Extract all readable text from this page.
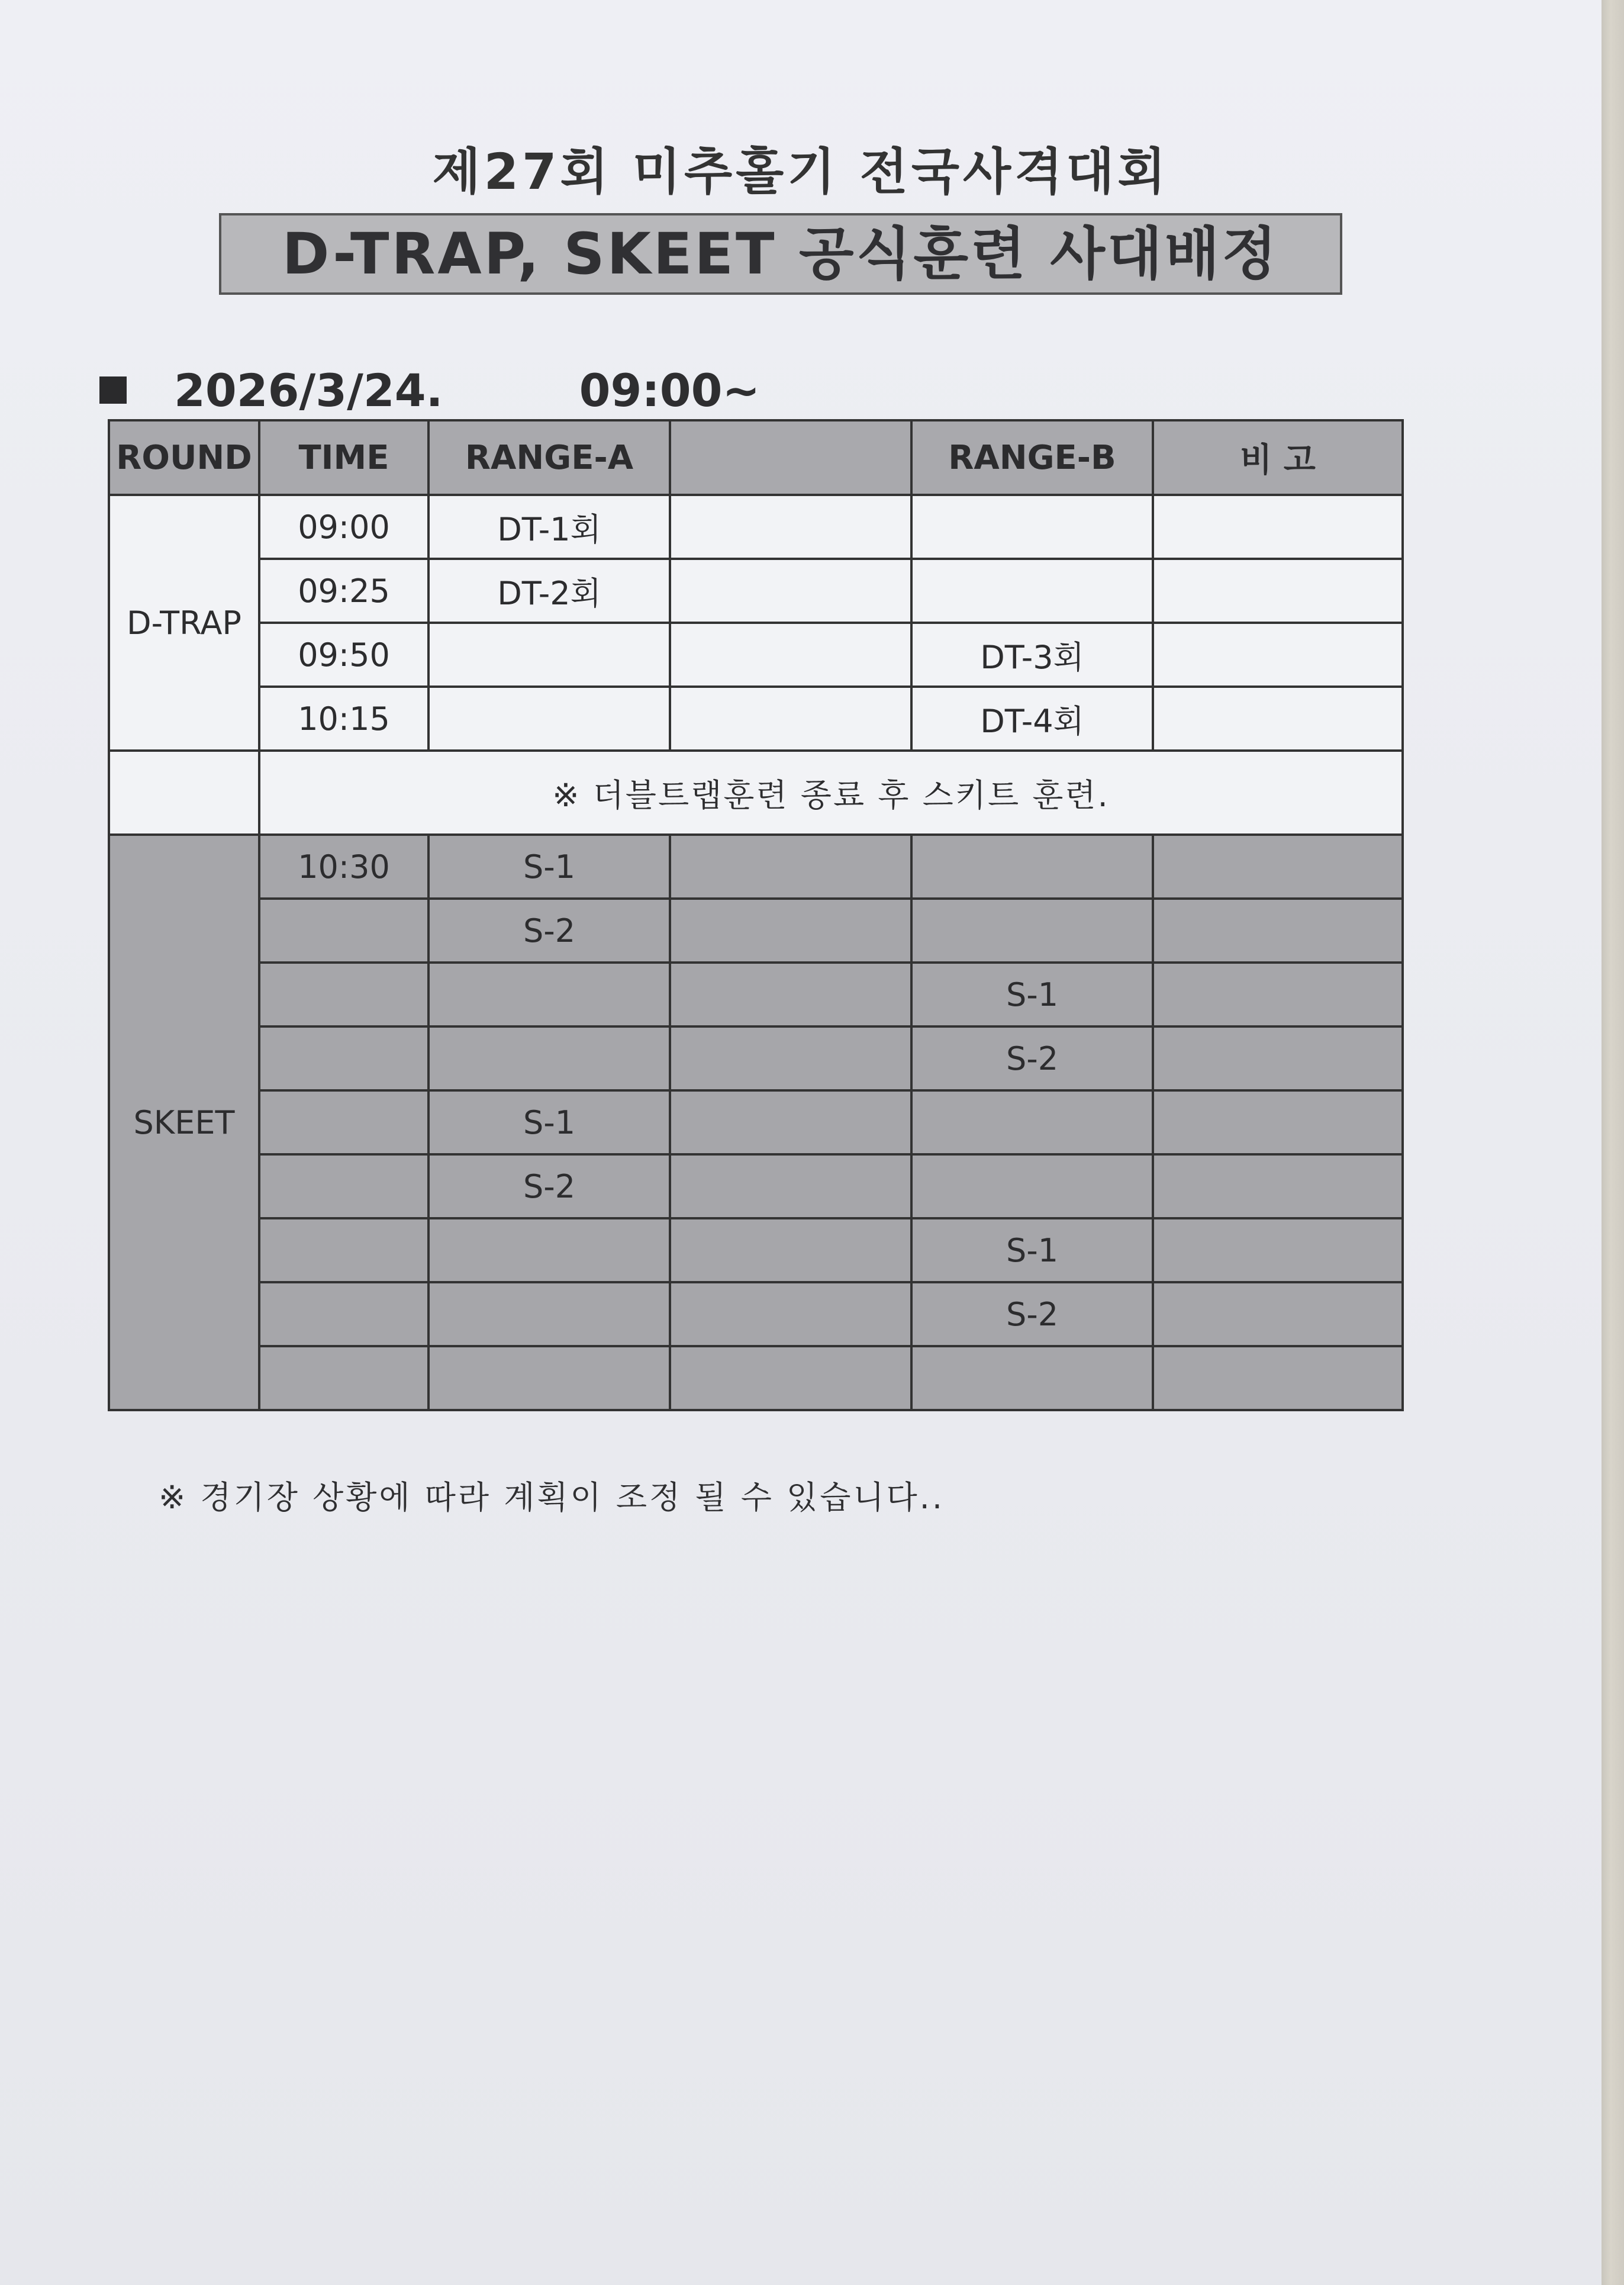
제27회 미추홀기 전국사격대회
D-TRAP, SKEET 공식훈련 사대배정
2026/3/24.	09:00~
ROUND	TIME	RANGE-A		RANGE-B	비 고
D-TRAP	09:00	DT-1회			
	09:25	DT-2회			
	09:50			DT-3회	
	10:15			DT-4회	
	※ 더블트랩훈련 종료 후 스키트 훈련.				
SKEET	10:30	S-1			
		S-2			
				S-1	
				S-2	
		S-1			
		S-2			
				S-1	
				S-2	

※ 경기장 상황에 따라 계획이 조정 될 수 있습니다..
